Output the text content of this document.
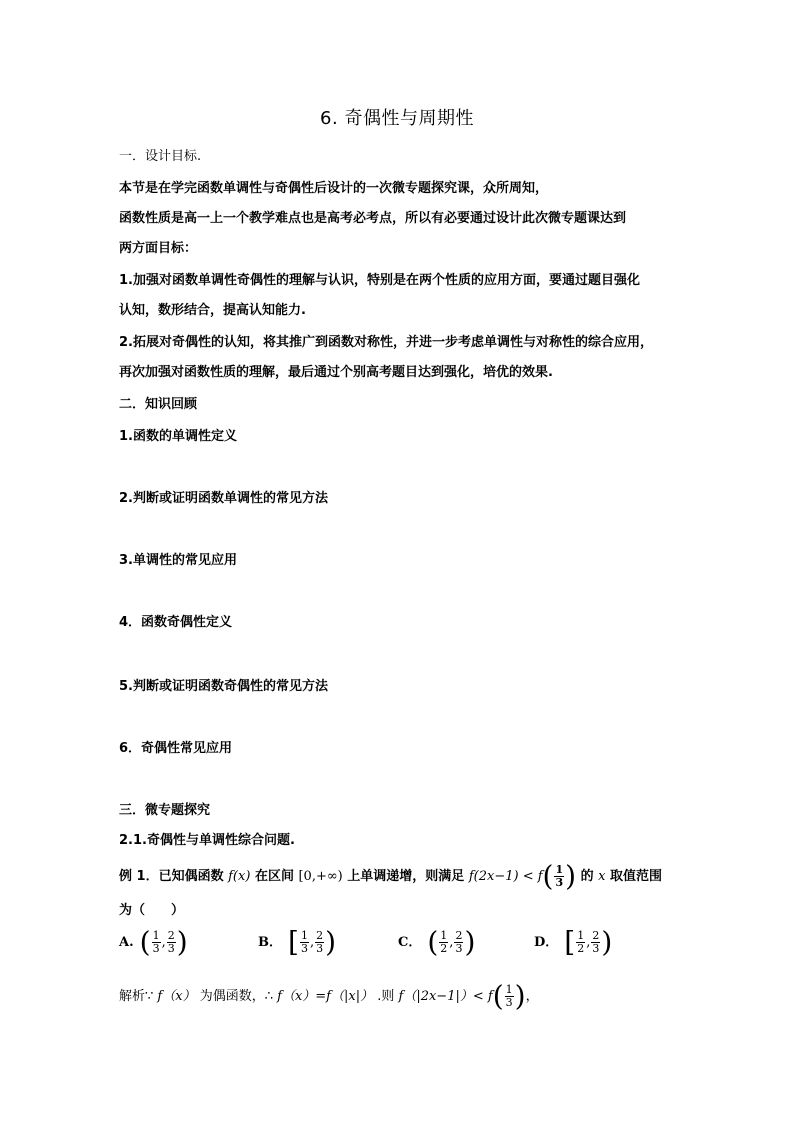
6. 奇偶性与周期性
一．设计目标.
本节是在学完函数单调性与奇偶性后设计的一次微专题探究课，众所周知，
函数性质是高一上一个教学难点也是高考必考点，所以有必要通过设计此次微专题课达到
两方面目标：
1.加强对函数单调性奇偶性的理解与认识，特别是在两个性质的应用方面，要通过题目强化
认知，数形结合，提高认知能力.
2.拓展对奇偶性的认知，将其推广到函数对称性，并进一步考虑单调性与对称性的综合应用，
再次加强对函数性质的理解，最后通过个别高考题目达到强化，培优的效果.
二．知识回顾
1.函数的单调性定义
2.判断或证明函数单调性的常见方法
3.单调性的常见应用
4．函数奇偶性定义
5.判断或证明函数奇偶性的常见方法
6．奇偶性常见应用
三．微专题探究
2.1.奇偶性与单调性综合问题.
例 1．已知偶函数 f(x) 在区间 [0,+∞) 上单调递增，则满足 $f(2x-1) < f( \frac{1}{3}$ ) 的 x 取值范围
为（　　）
A. ( $\frac{1}{3}$ , $\frac{2}{3}$ )	B． [ $\frac{1}{3}$ , $\frac{2}{3}$ )	C． ( $\frac{1}{2}$ , $\frac{2}{3}$ )	D． [ $\frac{1}{2}$ , $\frac{2}{3}$ )
解析∵ f（x） 为偶函数，∴ f（x）=f（|x|） .则 $f(|2x-1|)< f( \frac{1}{3}$ )，
